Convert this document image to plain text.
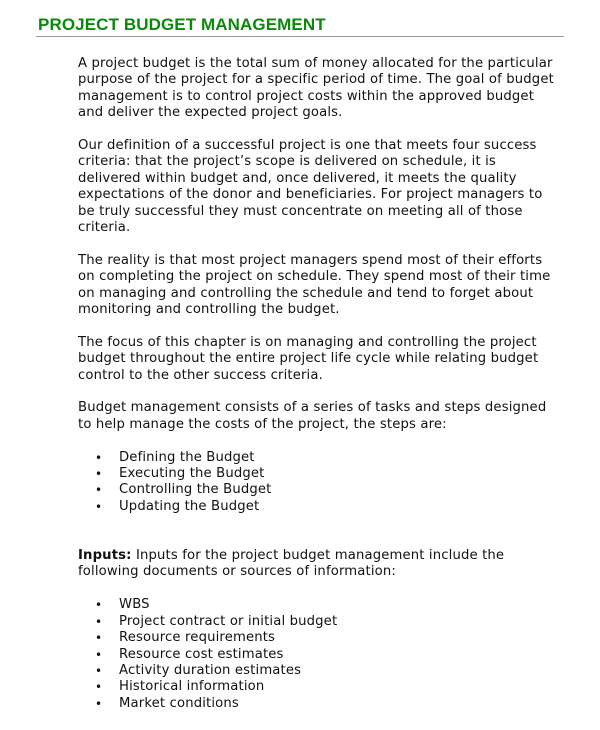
PROJECT BUDGET MANAGEMENT

A project budget is the total sum of money allocated for the particular
purpose of the project for a specific period of time. The goal of budget
management is to control project costs within the approved budget
and deliver the expected project goals.

Our definition of a successful project is one that meets four success
criteria: that the project’s scope is delivered on schedule, it is
delivered within budget and, once delivered, it meets the quality
expectations of the donor and beneficiaries. For project managers to
be truly successful they must concentrate on meeting all of those
criteria.

The reality is that most project managers spend most of their efforts
on completing the project on schedule. They spend most of their time
on managing and controlling the schedule and tend to forget about
monitoring and controlling the budget.

The focus of this chapter is on managing and controlling the project
budget throughout the entire project life cycle while relating budget
control to the other success criteria.

Budget management consists of a series of tasks and steps designed
to help manage the costs of the project, the steps are:

• Defining the Budget
• Executing the Budget
• Controlling the Budget
• Updating the Budget

Inputs: Inputs for the project budget management include the
following documents or sources of information:

• WBS
• Project contract or initial budget
• Resource requirements
• Resource cost estimates
• Activity duration estimates
• Historical information
• Market conditions
